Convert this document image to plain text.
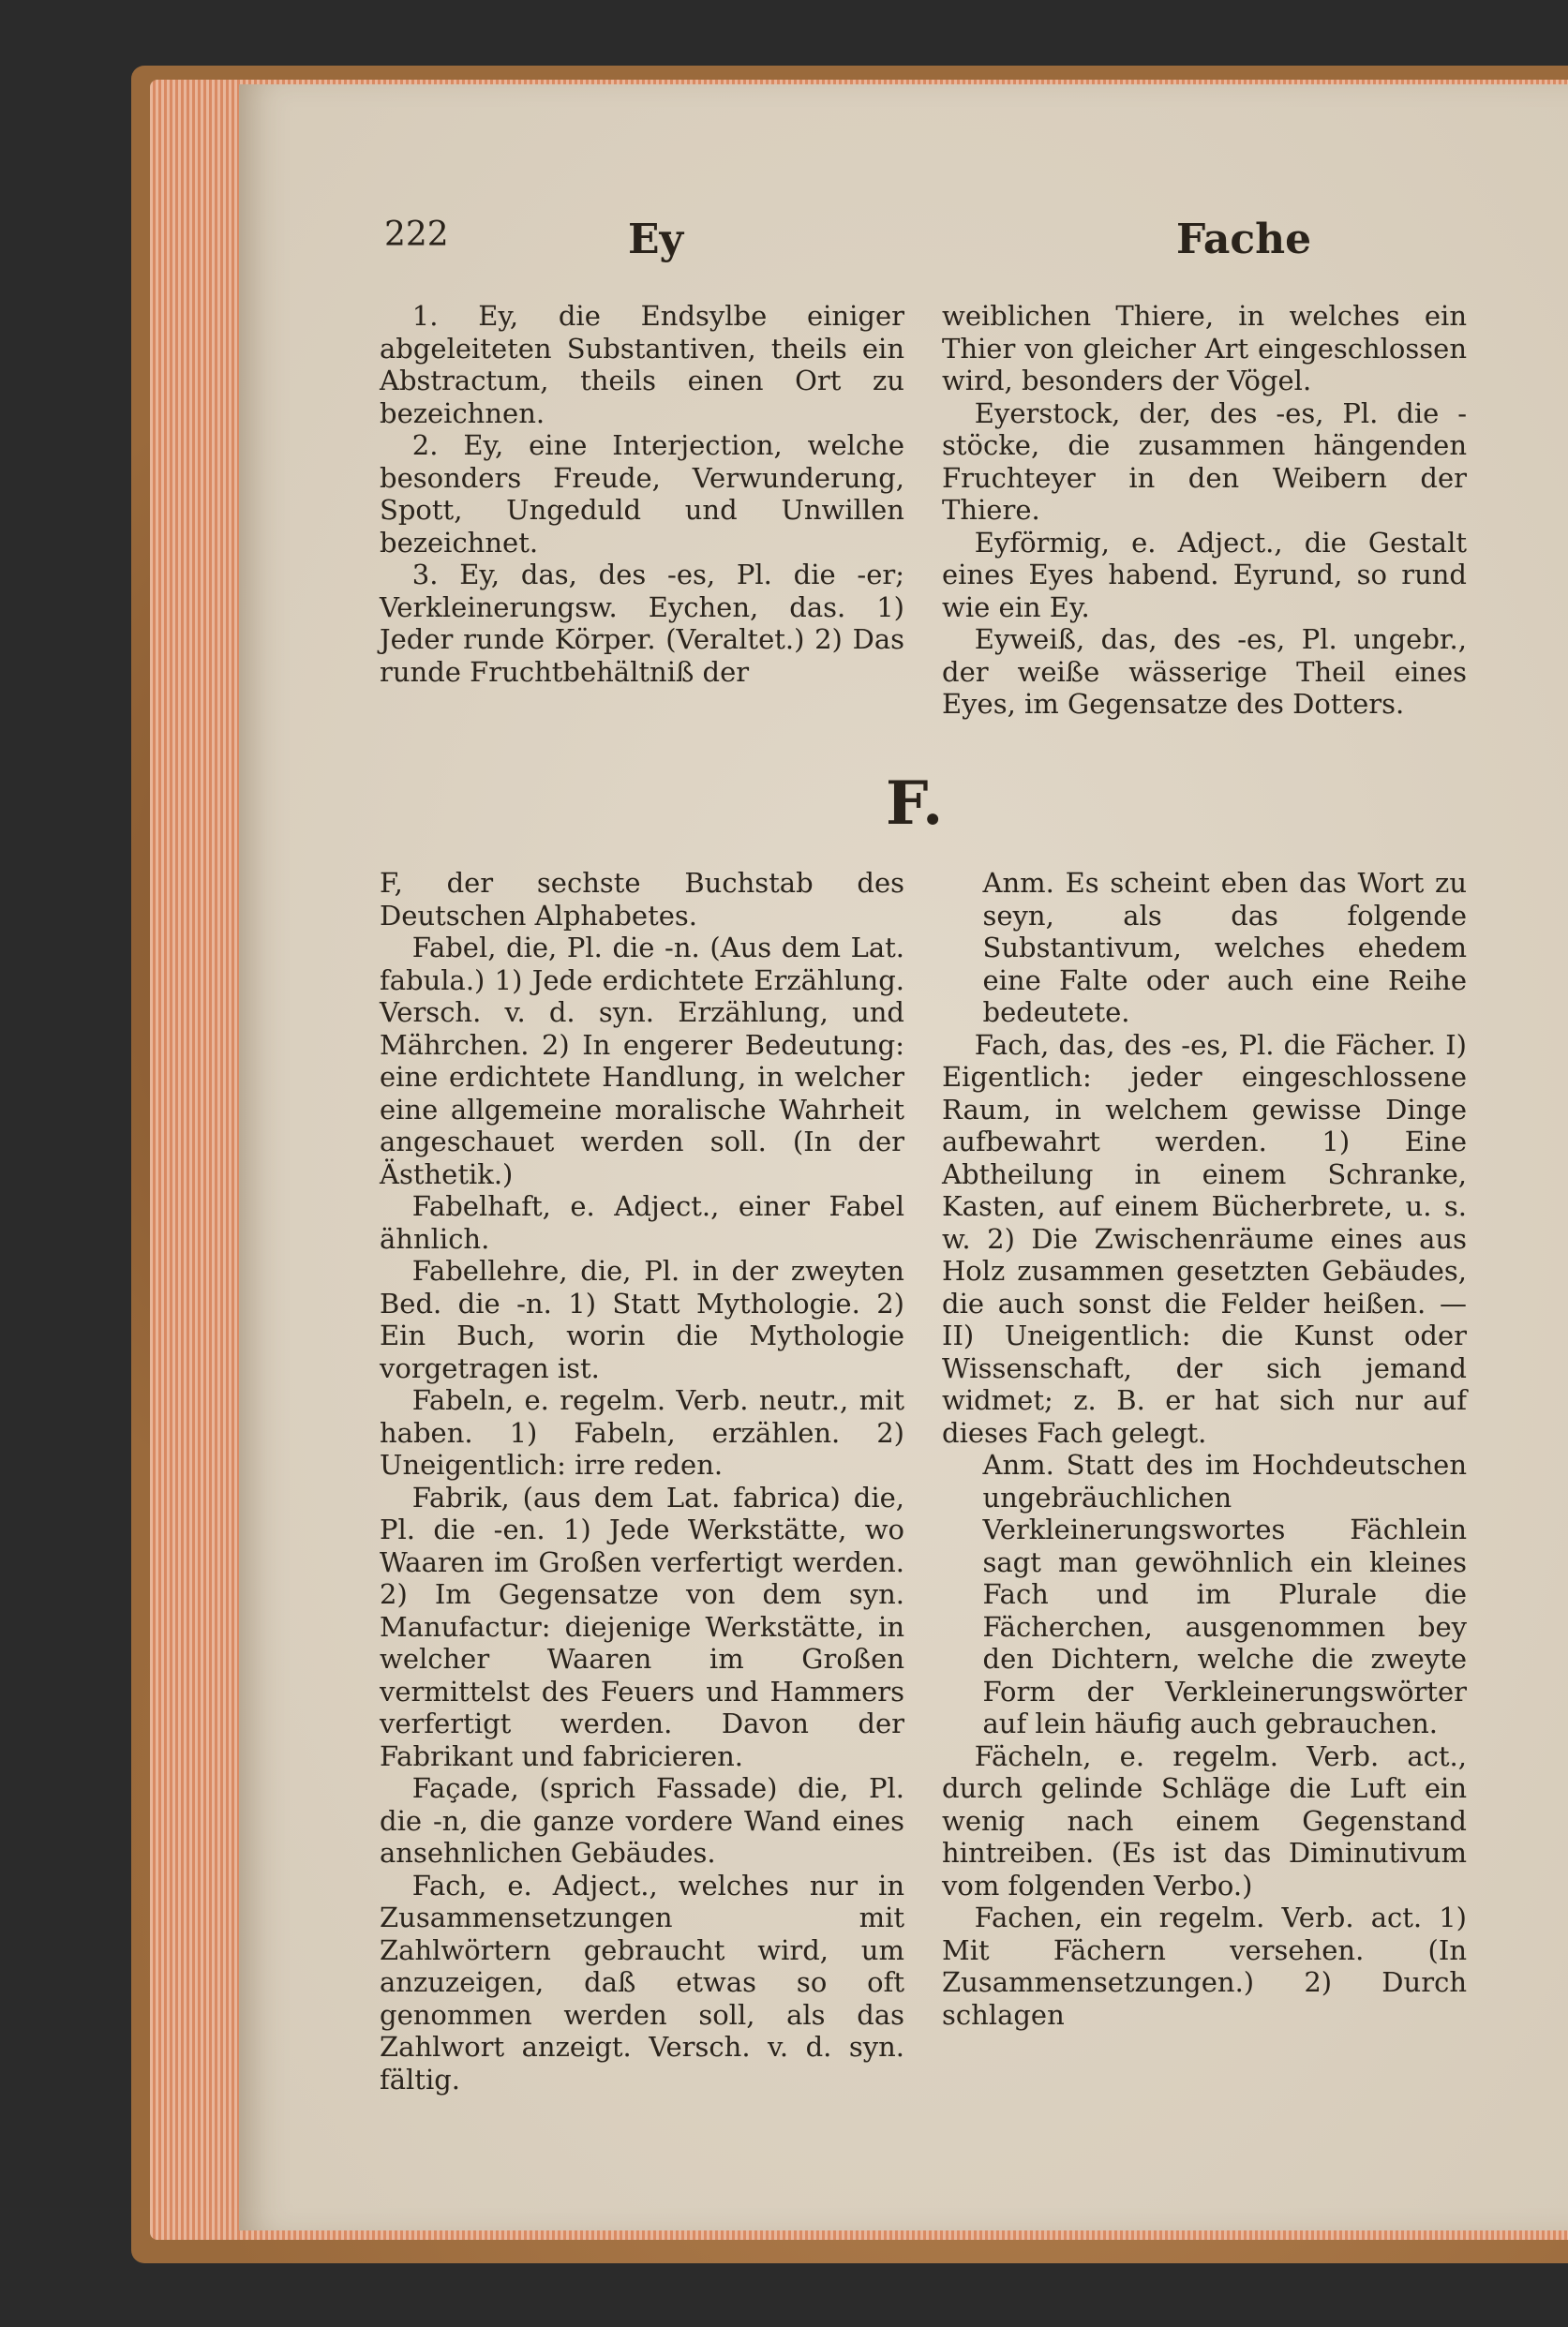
222	Ey	Fache

1. Ey, die Endsylbe einiger abgeleiteten Substantiven, theils ein Abstractum, theils einen Ort zu bezeichnen.

2. Ey, eine Interjection, welche besonders Freude, Verwunderung, Spott, Ungeduld und Unwillen bezeichnet.

3. Ey, das, des -es, Pl. die -er; Verkleinerungsw. Eychen, das. 1) Jeder runde Körper. (Veraltet.) 2) Das runde Fruchtbehältniß der

weiblichen Thiere, in welches ein Thier von gleicher Art eingeschlossen wird, besonders der Vögel.

Eyerstock, der, des -es, Pl. die -stöcke, die zusammen hängenden Fruchteyer in den Weibern der Thiere.

Eyförmig, e. Adject., die Gestalt eines Eyes habend. Eyrund, so rund wie ein Ey.

Eyweiß, das, des -es, Pl. ungebr., der weiße wässerige Theil eines Eyes, im Gegensatze des Dotters.

F.

F, der sechste Buchstab des Deutschen Alphabetes.

Fabel, die, Pl. die -n. (Aus dem Lat. fabula.) 1) Jede erdichtete Erzählung. Versch. v. d. syn. Erzählung, und Mährchen. 2) In engerer Bedeutung: eine erdichtete Handlung, in welcher eine allgemeine moralische Wahrheit angeschauet werden soll. (In der Ästhetik.)

Fabelhaft, e. Adject., einer Fabel ähnlich.

Fabellehre, die, Pl. in der zweyten Bed. die -n. 1) Statt Mythologie. 2) Ein Buch, worin die Mythologie vorgetragen ist.

Fabeln, e. regelm. Verb. neutr., mit haben. 1) Fabeln, erzählen. 2) Uneigentlich: irre reden.

Fabrik, (aus dem Lat. fabrica) die, Pl. die -en. 1) Jede Werkstätte, wo Waaren im Großen verfertigt werden. 2) Im Gegensatze von dem syn. Manufactur: diejenige Werkstätte, in welcher Waaren im Großen vermittelst des Feuers und Hammers verfertigt werden. Davon der Fabrikant und fabricieren.

Façade, (sprich Fassade) die, Pl. die -n, die ganze vordere Wand eines ansehnlichen Gebäudes.

Fach, e. Adject., welches nur in Zusammensetzungen mit Zahlwörtern gebraucht wird, um anzuzeigen, daß etwas so oft genommen werden soll, als das Zahlwort anzeigt. Versch. v. d. syn. fältig.

Anm. Es scheint eben das Wort zu seyn, als das folgende Substantivum, welches ehedem eine Falte oder auch eine Reihe bedeutete.

Fach, das, des -es, Pl. die Fächer. I) Eigentlich: jeder eingeschlossene Raum, in welchem gewisse Dinge aufbewahrt werden. 1) Eine Abtheilung in einem Schranke, Kasten, auf einem Bücherbrete, u. s. w. 2) Die Zwischenräume eines aus Holz zusammen gesetzten Gebäudes, die auch sonst die Felder heißen. — II) Uneigentlich: die Kunst oder Wissenschaft, der sich jemand widmet; z. B. er hat sich nur auf dieses Fach gelegt.

Anm. Statt des im Hochdeutschen ungebräuchlichen Verkleinerungswortes Fächlein sagt man gewöhnlich ein kleines Fach und im Plurale die Fächerchen, ausgenommen bey den Dichtern, welche die zweyte Form der Verkleinerungswörter auf lein häufig auch gebrauchen.

Fächeln, e. regelm. Verb. act., durch gelinde Schläge die Luft ein wenig nach einem Gegenstand hintreiben. (Es ist das Diminutivum vom folgenden Verbo.)

Fachen, ein regelm. Verb. act. 1) Mit Fächern versehen. (In Zusammensetzungen.) 2) Durch schlagen
